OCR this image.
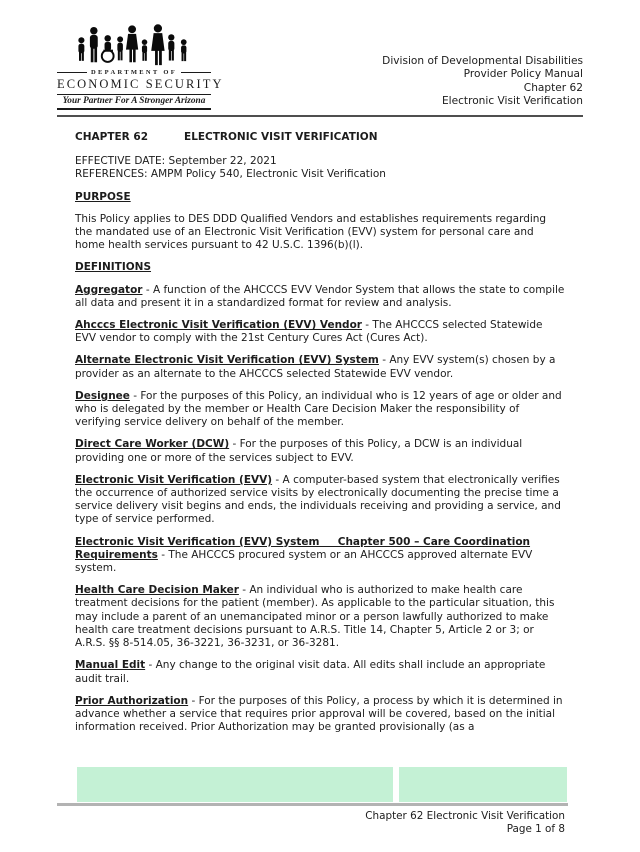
DEPARTMENT OF
ECONOMIC SECURITY
Your Partner For A Stronger Arizona
Division of Developmental Disabilities
Provider Policy Manual
Chapter 62
Electronic Visit Verification
CHAPTER 62	ELECTRONIC VISIT VERIFICATION
EFFECTIVE DATE: September 22, 2021
REFERENCES: AMPM Policy 540, Electronic Visit Verification
PURPOSE

This Policy applies to DES DDD Qualified Vendors and establishes requirements regarding the mandated use of an Electronic Visit Verification (EVV) system for personal care and home health services pursuant to 42 U.S.C. 1396(b)(l).

DEFINITIONS

Aggregator - A function of the AHCCCS EVV Vendor System that allows the state to compile all data and present it in a standardized format for review and analysis.

Ahcccs Electronic Visit Verification (EVV) Vendor - The AHCCCS selected Statewide EVV vendor to comply with the 21st Century Cures Act (Cures Act).

Alternate Electronic Visit Verification (EVV) System - Any EVV system(s) chosen by a provider as an alternate to the AHCCCS selected Statewide EVV vendor.

Designee - For the purposes of this Policy, an individual who is 12 years of age or older and who is delegated by the member or Health Care Decision Maker the responsibility of verifying service delivery on behalf of the member.

Direct Care Worker (DCW) - For the purposes of this Policy, a DCW is an individual providing one or more of the services subject to EVV.

Electronic Visit Verification (EVV) - A computer-based system that electronically verifies the occurrence of authorized service visits by electronically documenting the precise time a service delivery visit begins and ends, the individuals receiving and providing a service, and type of service performed.

Electronic Visit Verification (EVV) System     Chapter 500 – Care Coordination Requirements - The AHCCCS procured system or an AHCCCS approved alternate EVV system.

Health Care Decision Maker - An individual who is authorized to make health care treatment decisions for the patient (member). As applicable to the particular situation, this may include a parent of an unemancipated minor or a person lawfully authorized to make health care treatment decisions pursuant to A.R.S. Title 14, Chapter 5, Article 2 or 3; or A.R.S. §§ 8-514.05, 36-3221, 36-3231, or 36-3281.

Manual Edit - Any change to the original visit data. All edits shall include an appropriate audit trail.

Prior Authorization - For the purposes of this Policy, a process by which it is determined in advance whether a service that requires prior approval will be covered, based on the initial information received. Prior Authorization may be granted provisionally (as a

Chapter 62 Electronic Visit Verification
Page 1 of 8
